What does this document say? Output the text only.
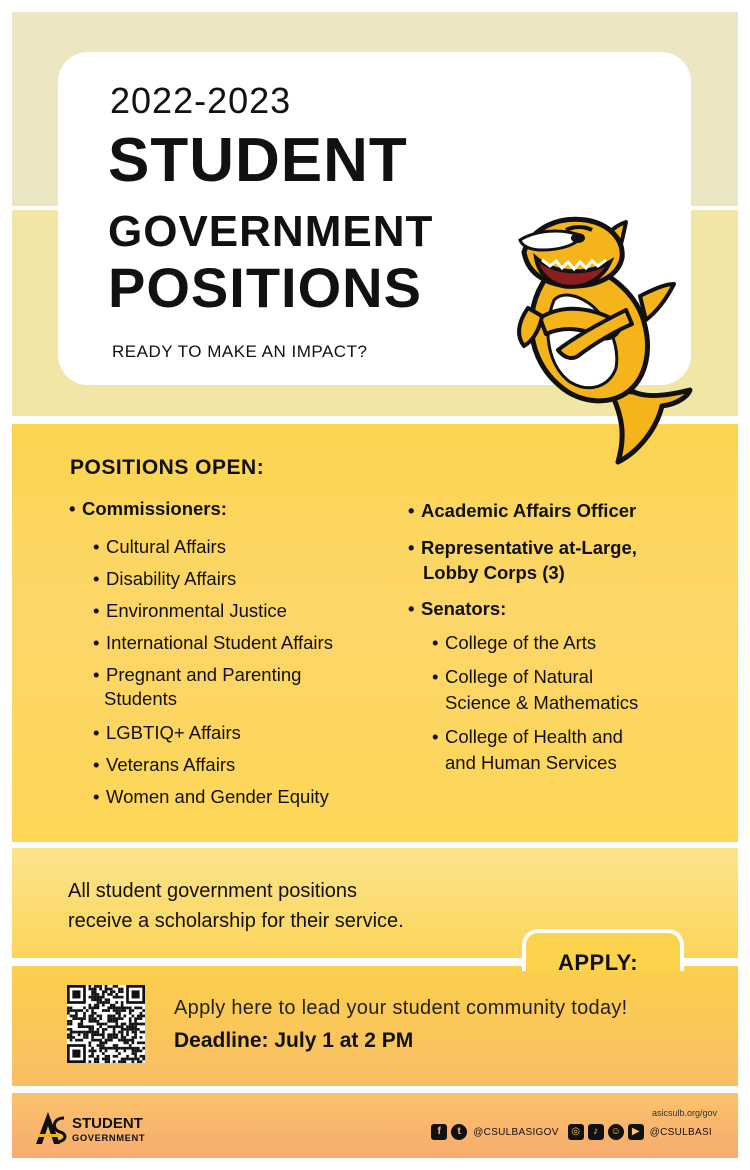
2022-2023
STUDENT
GOVERNMENT
POSITIONS
READY TO MAKE AN IMPACT?
POSITIONS OPEN:
• Commissioners:
• Cultural Affairs
• Disability Affairs
• Environmental Justice
• International Student Affairs
• Pregnant and Parenting
Students
• LGBTIQ+ Affairs
• Veterans Affairs
• Women and Gender Equity
• Academic Affairs Officer
• Representative at-Large,
Lobby Corps (3)
• Senators:
• College of the Arts
• College of Natural
Science & Mathematics
• College of Health and
and Human Services
All student government positions
receive a scholarship for their service.
APPLY:
Apply here to lead your student community today!
Deadline: July 1 at 2 PM
STUDENT
GOVERNMENT
asicsulb.org/gov
f	t	@CSULBASIGOV	◎	♪	☺	▶	@CSULBASI
